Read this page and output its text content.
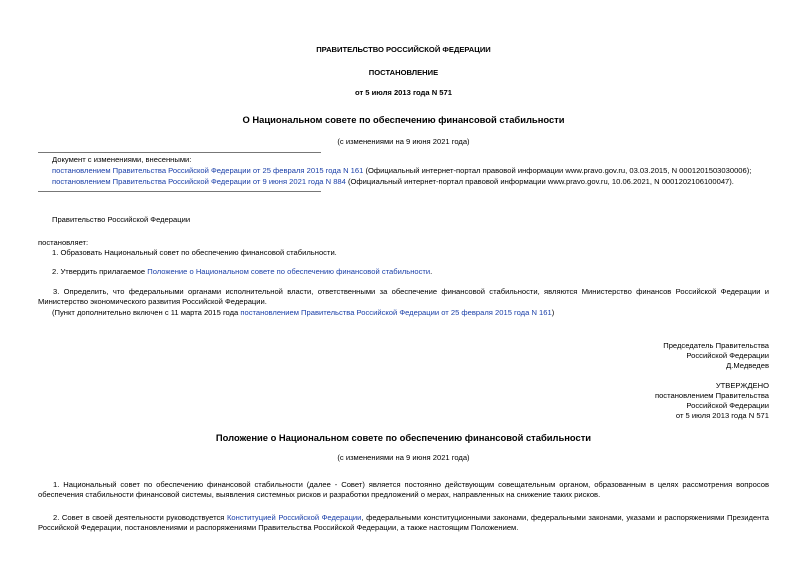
ПРАВИТЕЛЬСТВО РОССИЙСКОЙ ФЕДЕРАЦИИ
ПОСТАНОВЛЕНИЕ
от 5 июля 2013 года N 571
О Национальном совете по обеспечению финансовой стабильности
(с изменениями на 9 июня 2021 года)
Документ с изменениями, внесенными:
постановлением Правительства Российской Федерации от 25 февраля 2015 года N 161 (Официальный интернет-портал правовой информации www.pravo.gov.ru, 03.03.2015, N 0001201503030006);
постановлением Правительства Российской Федерации от 9 июня 2021 года N 884 (Официальный интернет-портал правовой информации www.pravo.gov.ru, 10.06.2021, N 0001202106100047).
Правительство Российской Федерации
постановляет:
1. Образовать Национальный совет по обеспечению финансовой стабильности.
2. Утвердить прилагаемое Положение о Национальном совете по обеспечению финансовой стабильности.
3. Определить, что федеральными органами исполнительной власти, ответственными за обеспечение финансовой стабильности, являются Министерство финансов Российской Федерации и Министерство экономического развития Российской Федерации.
(Пункт дополнительно включен с 11 марта 2015 года постановлением Правительства Российской Федерации от 25 февраля 2015 года N 161)
Председатель Правительства
Российской Федерации
Д.Медведев
УТВЕРЖДЕНО
постановлением Правительства
Российской Федерации
от 5 июля 2013 года N 571
Положение о Национальном совете по обеспечению финансовой стабильности
(с изменениями на 9 июня 2021 года)
1. Национальный совет по обеспечению финансовой стабильности (далее - Совет) является постоянно действующим совещательным органом, образованным в целях рассмотрения вопросов обеспечения стабильности финансовой системы, выявления системных рисков и разработки предложений о мерах, направленных на снижение таких рисков.
2. Совет в своей деятельности руководствуется Конституцией Российской Федерации, федеральными конституционными законами, федеральными законами, указами и распоряжениями Президента Российской Федерации, постановлениями и распоряжениями Правительства Российской Федерации, а также настоящим Положением.
